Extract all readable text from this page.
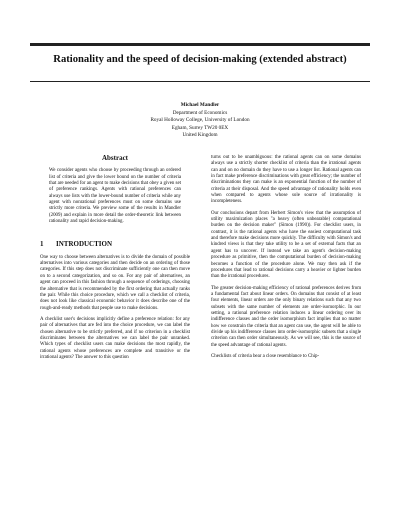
Rationality and the speed of decision-making (extended abstract)
Michael Mandler
Department of Economics
Royal Holloway College, University of London
Egham, Surrey TW20 0EX
United Kingdom
Abstract
We consider agents who choose by proceeding through an ordered list of criteria and give the lower bound on the number of criteria that are needed for an agent to make decisions that obey a given set of preference rankings. Agents with rational preferences can always use lists with the lower-bound number of criteria while any agent with nonrational preferences must on some domains use strictly more criteria. We preview some of the results in Mandler (2009) and explain in more detail the order-theoretic link between rationality and rapid decision-making.
1 INTRODUCTION

One way to choose between alternatives is to divide the domain of possible alternatives into various categories and then decide on an ordering of those categories. If this step does not discriminate sufficiently one can then move on to a second categorization, and so on. For any pair of alternatives, an agent can proceed in this fashion through a sequence of orderings, choosing the alternative that is recommended by the first ordering that actually ranks the pair. While this choice procedure, which we call a checklist of criteria, does not look like classical economic behavior it does describe one of the rough-and-ready methods that people use to make decisions.

A checklist user's decisions implicitly define a preference relation: for any pair of alternatives that are fed into the choice procedure, we can label the chosen alternative to be strictly preferred, and if no criterion in a checklist discriminates between the alternatives we can label the pair unranked. Which types of checklist users can make decisions the most rapidly, the rational agents whose preferences are complete and transitive or the irrational agents? The answer to this question

turns out to be unambiguous: the rational agents can on some domains always use a strictly shorter checklist of criteria than the irrational agents can and on no domain do they have to use a longer list. Rational agents can in fact make preference discriminations with great efficiency; the number of discriminations they can make is an exponential function of the number of criteria at their disposal. And the speed advantage of rationality holds even when compared to agents whose sole source of irrationality is incompleteness.

Our conclusions depart from Herbert Simon's view that the assumption of utility maximization places "a heavy (often unbearable) computational burden on the decision maker" (Simon (1990)). For checklist users, in contrast, it is the rational agents who have the easiest computational task and therefore make decisions more quickly. The difficulty with Simon's and kindred views is that they take utility to be a set of external facts that an agent has to uncover. If instead we take an agent's decision-making procedure as primitive, then the computational burden of decision-making becomes a function of the procedure alone. We may then ask if the procedures that lead to rational decisions carry a heavier or lighter burden than the irrational procedures.

The greater decision-making efficiency of rational preferences derives from a fundamental fact about linear orders. On domains that consist of at least four elements, linear orders are the only binary relations such that any two subsets with the same number of elements are order-isomorphic. In our setting, a rational preference relation induces a linear ordering over its indifference classes and the order isomorphism fact implies that no matter how we constrain the criteria that an agent can use, the agent will be able to divide up his indifference classes into order-isomorphic subsets that a single criterion can then order simultaneously. As we will see, this is the source of the speed advantage of rational agents.

Checklists of criteria bear a close resemblance to Chip-
